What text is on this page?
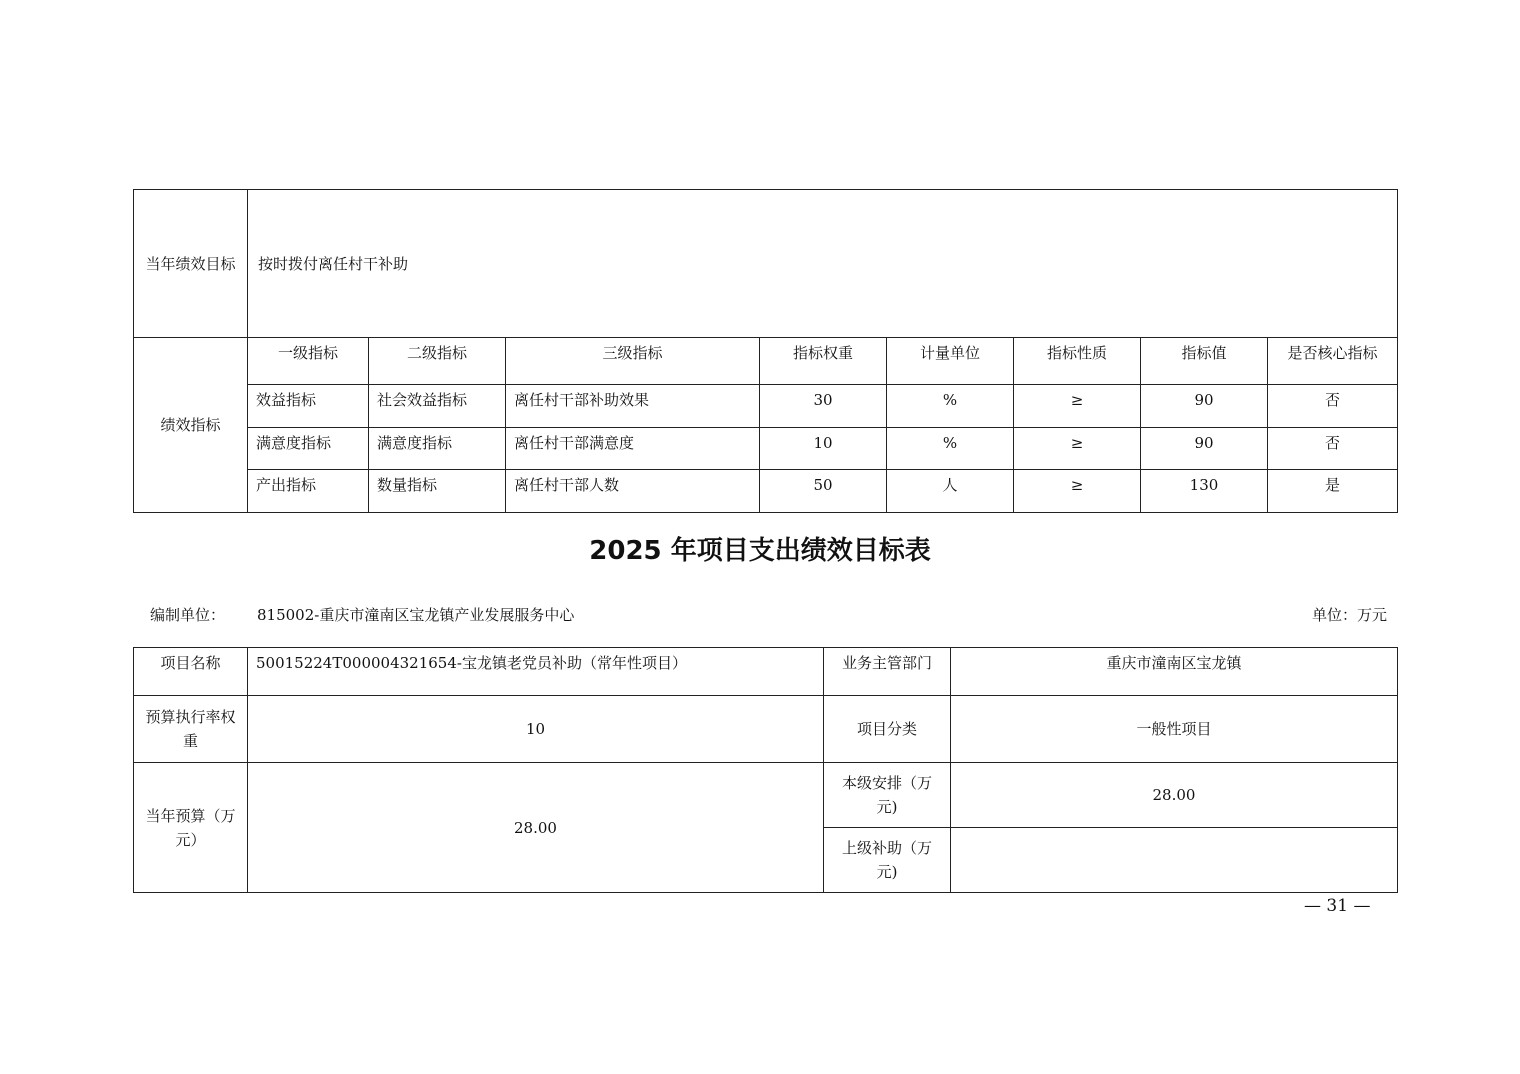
当年绩效目标	按时拨付离任村干补助							
绩效指标	一级指标	二级指标	三级指标	指标权重	计量单位	指标性质	指标值	是否核心指标
	效益指标	社会效益指标	离任村干部补助效果	30	%	≥	90	否
	满意度指标	满意度指标	离任村干部满意度	10	%	≥	90	否
	产出指标	数量指标	离任村干部人数	50	人	≥	130	是
2025 年项目支出绩效目标表
编制单位： 815002-重庆市潼南区宝龙镇产业发展服务中心	单位：万元
项目名称	50015224T000004321654-宝龙镇老党员补助（常年性项目）	业务主管部门	重庆市潼南区宝龙镇
预算执行率权重	10	项目分类	一般性项目
当年预算（万元）	28.00	本级安排（万元)	28.00
		上级补助（万元)	
— 31 —
